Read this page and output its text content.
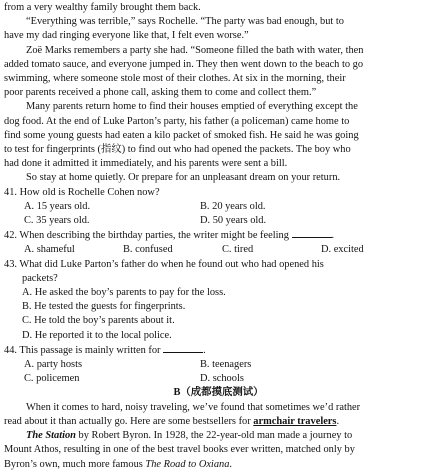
from a very wealthy family brought them back.
“Everything was terrible,” says Rochelle. “The party was bad enough, but to
have my dad ringing everyone like that, I felt even worse.”
Zoë Marks remembers a party she had. “Someone filled the bath with water, then
added tomato sauce, and everyone jumped in. They then went down to the beach to go
swimming, where someone stole most of their clothes. At six in the morning, their
poor parents received a phone call, asking them to come and collect them.”
Many parents return home to find their houses emptied of everything except the
dog food. At the end of Luke Parton’s party, his father (a policeman) came home to
find some young guests had eaten a kilo packet of smoked fish. He said he was going
to test for fingerprints (指纹) to find out who had opened the packets. The boy who
had done it admitted it immediately, and his parents were sent a bill.
So stay at home quietly. Or prepare for an unpleasant dream on your return.
41. How old is Rochelle Cohen now?
A. 15 years old.	B. 20 years old.
C. 35 years old.	D. 50 years old.
42. When describing the birthday parties, the writer might be feeling	.
A. shameful	B. confused	C. tired	D. excited
43. What did Luke Parton’s father do when he found out who had opened his
packets?
A. He asked the boy’s parents to pay for the loss.
B. He tested the guests for fingerprints.
C. He told the boy’s parents about it.
D. He reported it to the local police.
44. This passage is mainly written for	.
A. party hosts	B. teenagers
C. policemen	D. schools
B（成都摸底测试）
When it comes to hard, noisy traveling, we’ve found that sometimes we’d rather
read about it than actually go. Here are some bestsellers for armchair travelers.
The Station by Robert Byron. In 1928, the 22-year-old man made a journey to
Mount Athos, resulting in one of the best travel books ever written, matched only by
Byron’s own, much more famous The Road to Oxiana.
